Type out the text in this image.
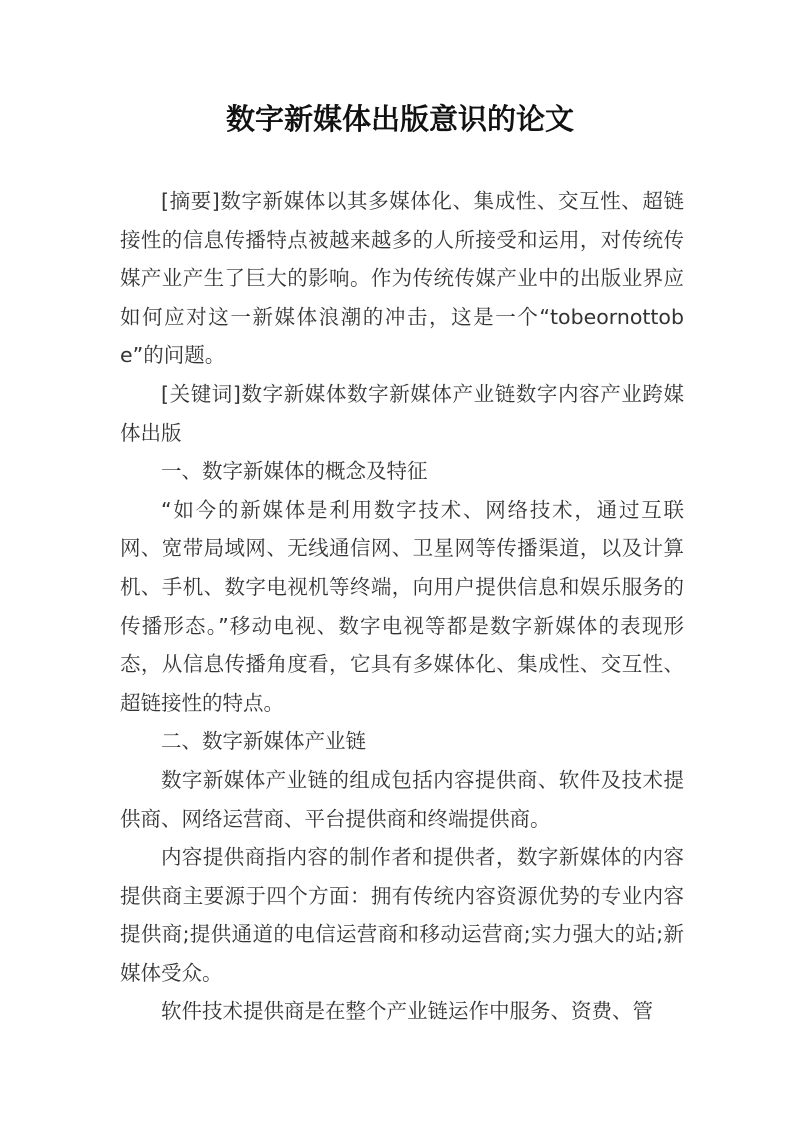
数字新媒体出版意识的论文

[摘要]数字新媒体以其多媒体化、集成性、交互性、超链接性的信息传播特点被越来越多的人所接受和运用，对传统传媒产业产生了巨大的影响。作为传统传媒产业中的出版业界应如何应对这一新媒体浪潮的冲击，这是一个“tobeornottobe”的问题。

[关键词]数字新媒体数字新媒体产业链数字内容产业跨媒体出版

一、数字新媒体的概念及特征

“如今的新媒体是利用数字技术、网络技术，通过互联网、宽带局域网、无线通信网、卫星网等传播渠道，以及计算机、手机、数字电视机等终端，向用户提供信息和娱乐服务的传播形态。”移动电视、数字电视等都是数字新媒体的表现形态，从信息传播角度看，它具有多媒体化、集成性、交互性、超链接性的特点。

二、数字新媒体产业链

数字新媒体产业链的组成包括内容提供商、软件及技术提供商、网络运营商、平台提供商和终端提供商。

内容提供商指内容的制作者和提供者，数字新媒体的内容提供商主要源于四个方面：拥有传统内容资源优势的专业内容提供商;提供通道的电信运营商和移动运营商;实力强大的站;新媒体受众。

软件技术提供商是在整个产业链运作中服务、资费、管
